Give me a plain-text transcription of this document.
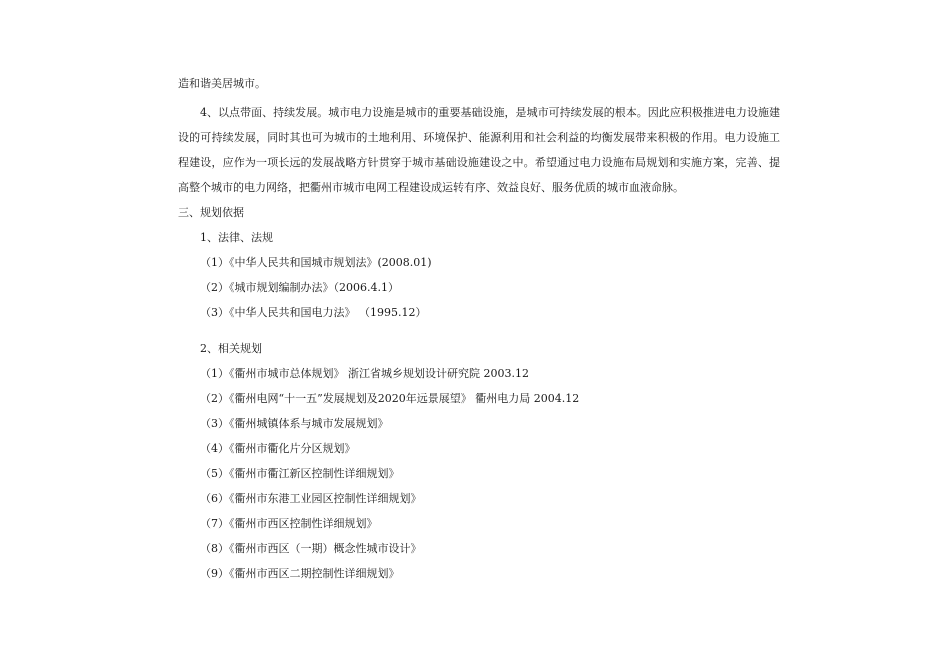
造和谐美居城市。
4、以点带面、持续发展。城市电力设施是城市的重要基础设施，是城市可持续发展的根本。因此应积极推进电力设施建设的可持续发展，同时其也可为城市的土地利用、环境保护、能源利用和社会利益的均衡发展带来积极的作用。电力设施工程建设，应作为一项长远的发展战略方针贯穿于城市基础设施建设之中。希望通过电力设施布局规划和实施方案，完善、提高整个城市的电力网络，把衢州市城市电网工程建设成运转有序、效益良好、服务优质的城市血液命脉。
三、规划依据
1、法律、法规
（1）《中华人民共和国城市规划法》(2008.01)
（2）《城市规划编制办法》（2006.4.1）
（3）《中华人民共和国电力法》 （1995.12）
2、相关规划
（1）《衢州市城市总体规划》 浙江省城乡规划设计研究院 2003.12
（2）《衢州电网“十一五”发展规划及2020年远景展望》 衢州电力局 2004.12
（3）《衢州城镇体系与城市发展规划》
（4）《衢州市衢化片分区规划》
（5）《衢州市衢江新区控制性详细规划》
（6）《衢州市东港工业园区控制性详细规划》
（7）《衢州市西区控制性详细规划》
（8）《衢州市西区（一期）概念性城市设计》
（9）《衢州市西区二期控制性详细规划》
